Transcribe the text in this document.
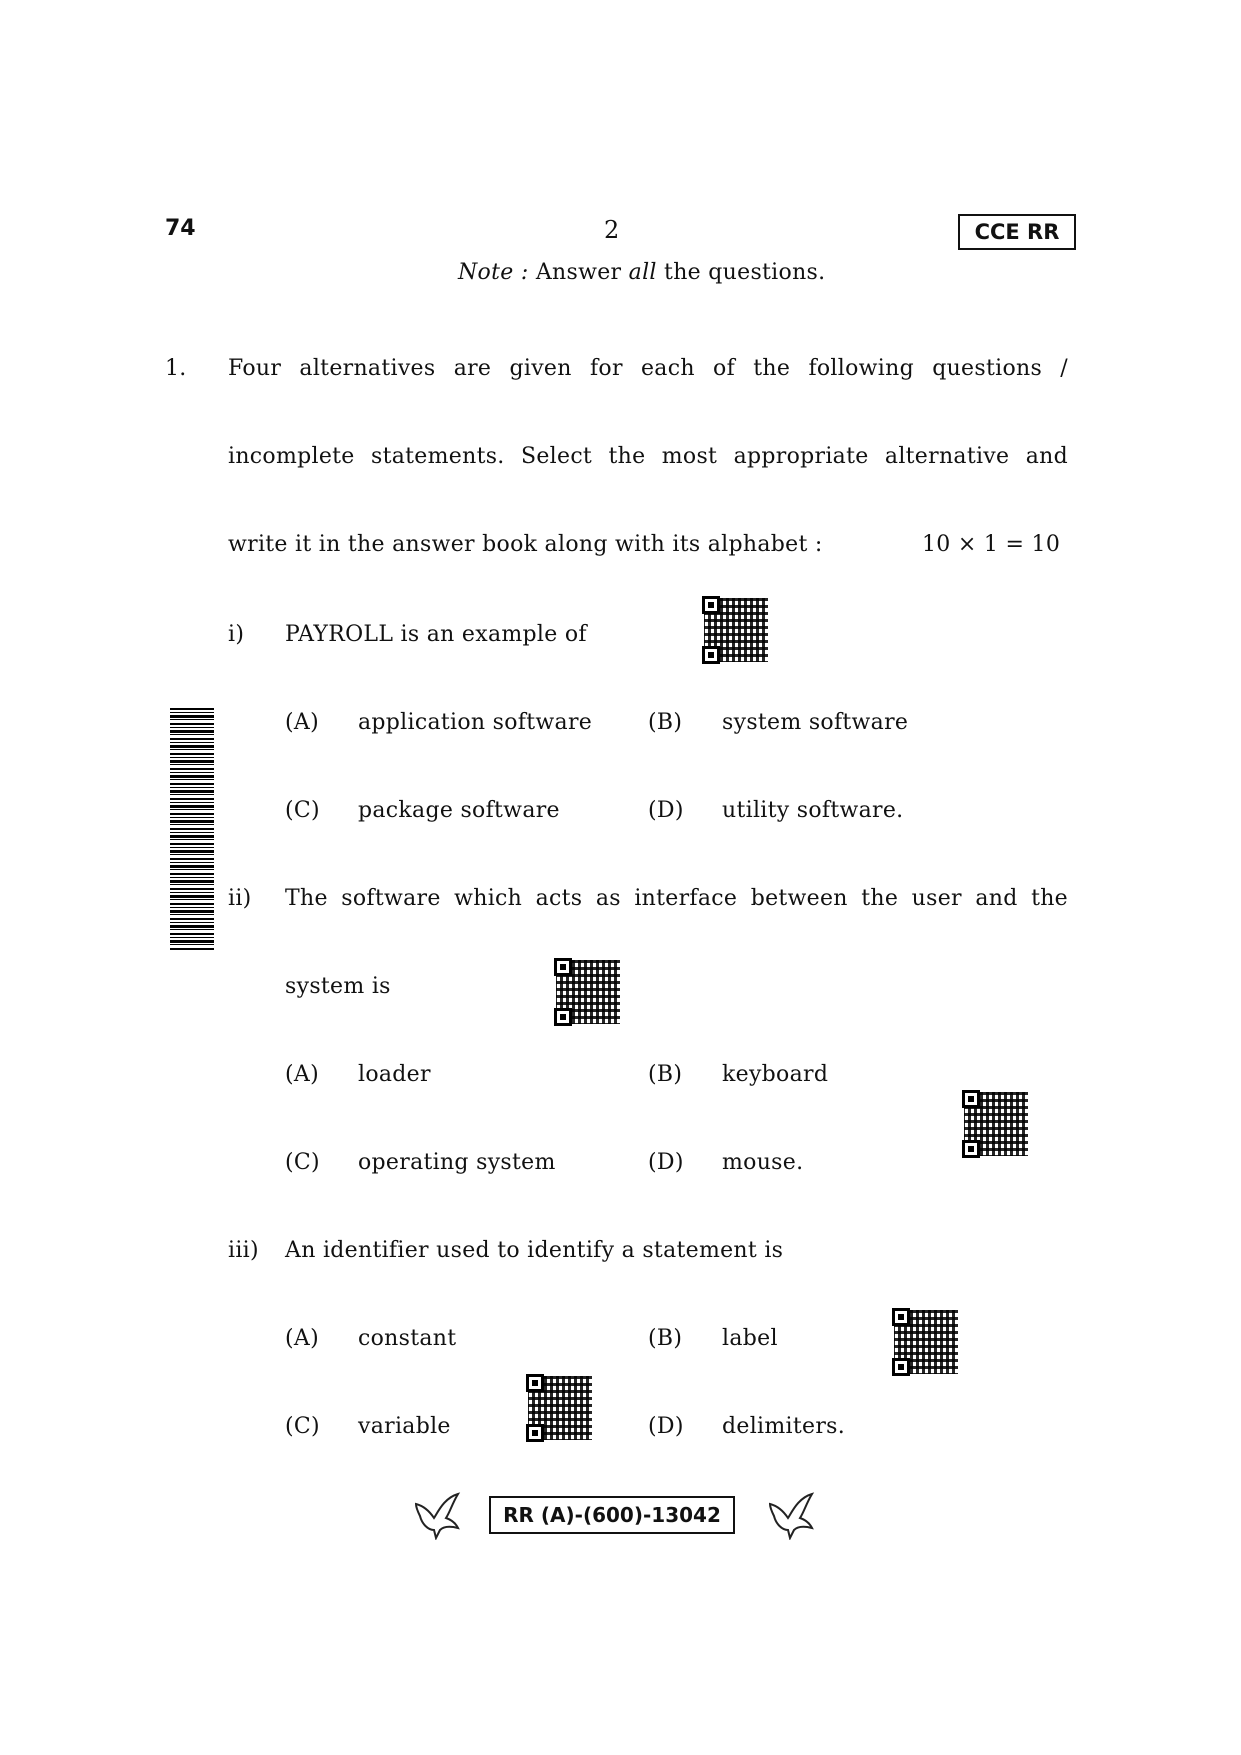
74	2	CCE RR
Note : Answer all the questions.
1. Four alternatives are given for each of the following questions /
incomplete statements. Select the most appropriate alternative and
write it in the answer book along with its alphabet :	10 × 1 = 10
i) PAYROLL is an example of
(A) application software	(B) system software
(C) package software	(D) utility software.
ii) The software which acts as interface between the user and the
system is
(A) loader	(B) keyboard
(C) operating system	(D) mouse.
iii) An identifier used to identify a statement is
(A) constant	(B) label
(C) variable	(D) delimiters.
RR (A)-(600)-13042
